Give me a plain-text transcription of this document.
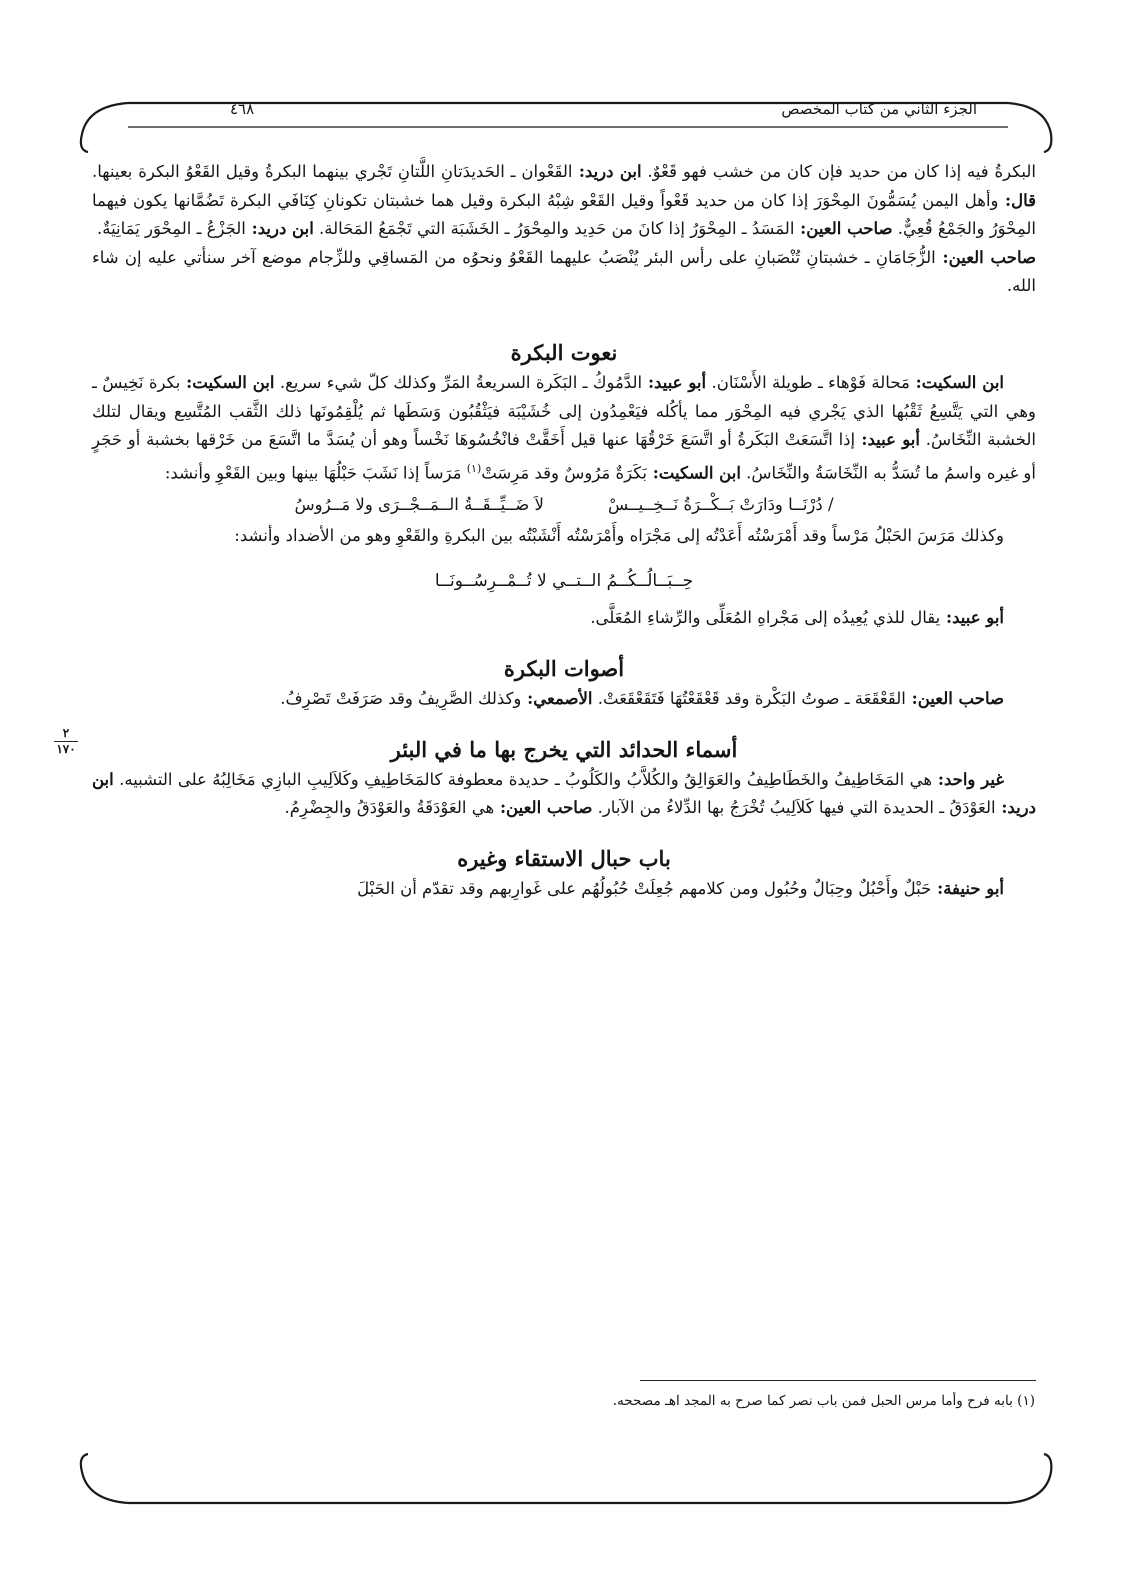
الجزء الثاني من كتاب المخصص
٤٦٨
٢
١٧٠

البكرةُ فيه إذا كان من حديد فإن كان من خشب فهو قَعْوٌ. ابن دريد: القَعْوان ـ الحَديدَتانِ اللَّتانِ تَجْري بينهما البكرةُ وقيل القَعْوُ البكرة بعينها. قال: وأهل اليمن يُسَمُّونَ المِحْوَرَ إذا كان من حديد قَعْواً وقيل القَعْو شِبْهُ البكرة وقيل هما خشبتان تكونانِ كِنَافَي البكرة تَضُمَّانها يكون فيهما المِحْوَرُ والجَمْعُ قُعِيٌّ. صاحب العين: المَسَدُ ـ المِحْوَرُ إذا كانَ من حَدِيد والمِحْوَرُ ـ الخَشَبَة التي تَجْمَعُ المَحَالة. ابن دريد: الجَزْعُ ـ المِحْوَر يَمَانِيَةٌ.

صاحب العين: الزُّجَامَانِ ـ خشبتانِ تُنْصَبانِ على رأس البئر يُنْصَبُ عليهما القَعْوُ ونحوُه من المَساقِي وللزِّجام موضع آخر سنأتي عليه إن شاء الله.

نعوت البكرة

ابن السكيت: مَحالة فَوْهاء ـ طويلة الأَسْنَان. أبو عبيد: الدَّمُوكُ ـ البَكَرة السريعةُ المَرِّ وكذلك كلّ شيء سريع. ابن السكيت: بكرة نَخِيسٌ ـ وهي التي يَتَّسِعُ ثَقْبُها الذي يَجْري فيه المِحْوَر مما يأكُله فيَعْمِدُون إلى خُشَيْبَة فيَثْقُبُون وَسَطَها ثم يُلْقِمُونَها ذلك الثَّقب المُتَّسِع ويقال لتلك الخشبة النِّخَاسُ. أبو عبيد: إذا اتَّسَعَتْ البَكَرةُ أو اتَّسَعَ خَرْقُهَا عنها قيل أَخَقَّتْ فانْخُسُوهَا نَخْساً وهو أن يُسَدَّ ما اتَّسَعَ من خَرْقها بخشبة أو حَجَرٍ أو غيره واسمُ ما تُسَدُّ به النِّخَاسَةُ والنِّخَاسُ. ابن السكيت: بَكَرَةٌ مَرُوسٌ وقد مَرِسَتْ$^{(١)}$ مَرَساً إذا نَشَبَ حَبْلُهَا بينها وبين القَعْوِ وأنشد:

/ دُرْنَــا ودَارَتْ بَــكْــرَةُ نَــخِــيــسْ
لاَ ضَــيِّــقَــةُ الــمَــجْــرَى ولا مَــرُوسُ

وكذلك مَرَسَ الحَبْلُ مَرْساً وقد أَمْرَسْتُه أَعَدْتُه إلى مَجْرَاه وأَمْرَسْتُه أَنْشَبْتُه بين البكرةِ والقَعْوِ وهو من الأضداد وأنشد:

حِــبَــالُــكُــمُ الــتــي لا تُــمْــرِسُــونَــا

أبو عبيد: يقال للذي يُعِيدُه إلى مَجْراهِ المُعَلِّى والرِّشاءِ المُعَلَّى.

أصوات البكرة

صاحب العين: القَعْقَعَة ـ صوتُ البَكْرة وقد قَعْقَعْتُهَا فَتَقَعْقَعَتْ. الأصمعي: وكذلك الصَّرِيفُ وقد صَرَفَتْ تَصْرِفُ.

أسماء الحدائد التي يخرج بها ما في البئر

غير واحد: هي المَخَاطِيفُ والخَطَاطِيفُ والعَوَالِقُ والكُلاَّبُ والكَلُوبُ ـ حديدة معطوفة كالمَخَاطِيفِ وكَلاَلِيبِ البازِي مَخَالِبُهُ على التشبيه. ابن دريد: العَوْدَقُ ـ الحديدة التي فيها كَلاَلِيبُ تُخْرَجُ بها الدِّلاءُ من الآبار. صاحب العين: هي العَوْدَقَةُ والعَوْدَقُ والجِضْرِمُ.

باب حبال الاستقاء وغيره

أبو حنيفة: حَبْلٌ وأَحْبُلٌ وحِبَالٌ وحُبُول ومن كلامهم جُعِلَتْ حُبُولُهُم على غَوارِبهم وقد تقدّم أن الحَبْلَ

(١) بابه فرح وأما مرس الحبل فمن باب نصر كما صرح به المجد اهـ مصححه.
